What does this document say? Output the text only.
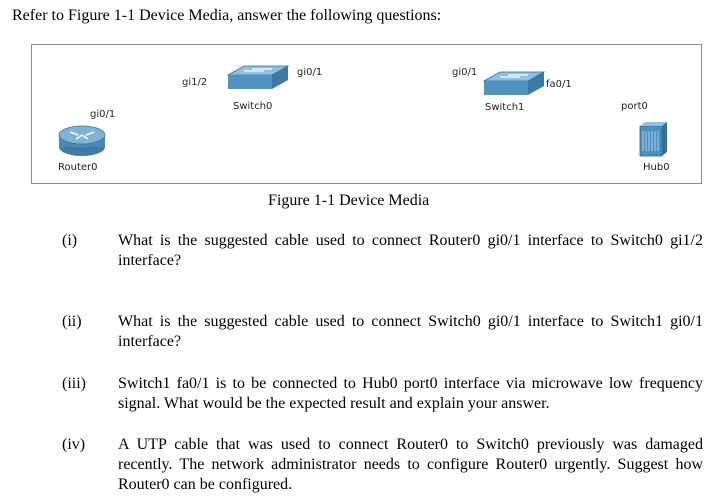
Refer to Figure 1-1 Device Media, answer the following questions:
gi1/2
gi0/1
Switch0
gi0/1
fa0/1
Switch1
gi0/1
Router0
port0
Hub0
Figure 1-1 Device Media
(i)	What is the suggested cable used to connect Router0 gi0/1 interface to Switch0 gi1/2 interface?
(ii) What is the suggested cable used to connect Switch0 gi0/1 interface to Switch1 gi0/1 interface?
(iii) Switch1 fa0/1 is to be connected to Hub0 port0 interface via microwave low frequency signal. What would be the expected result and explain your answer.
(iv) A UTP cable that was used to connect Router0 to Switch0 previously was damaged recently. The network administrator needs to configure Router0 urgently. Suggest how Router0 can be configured.
